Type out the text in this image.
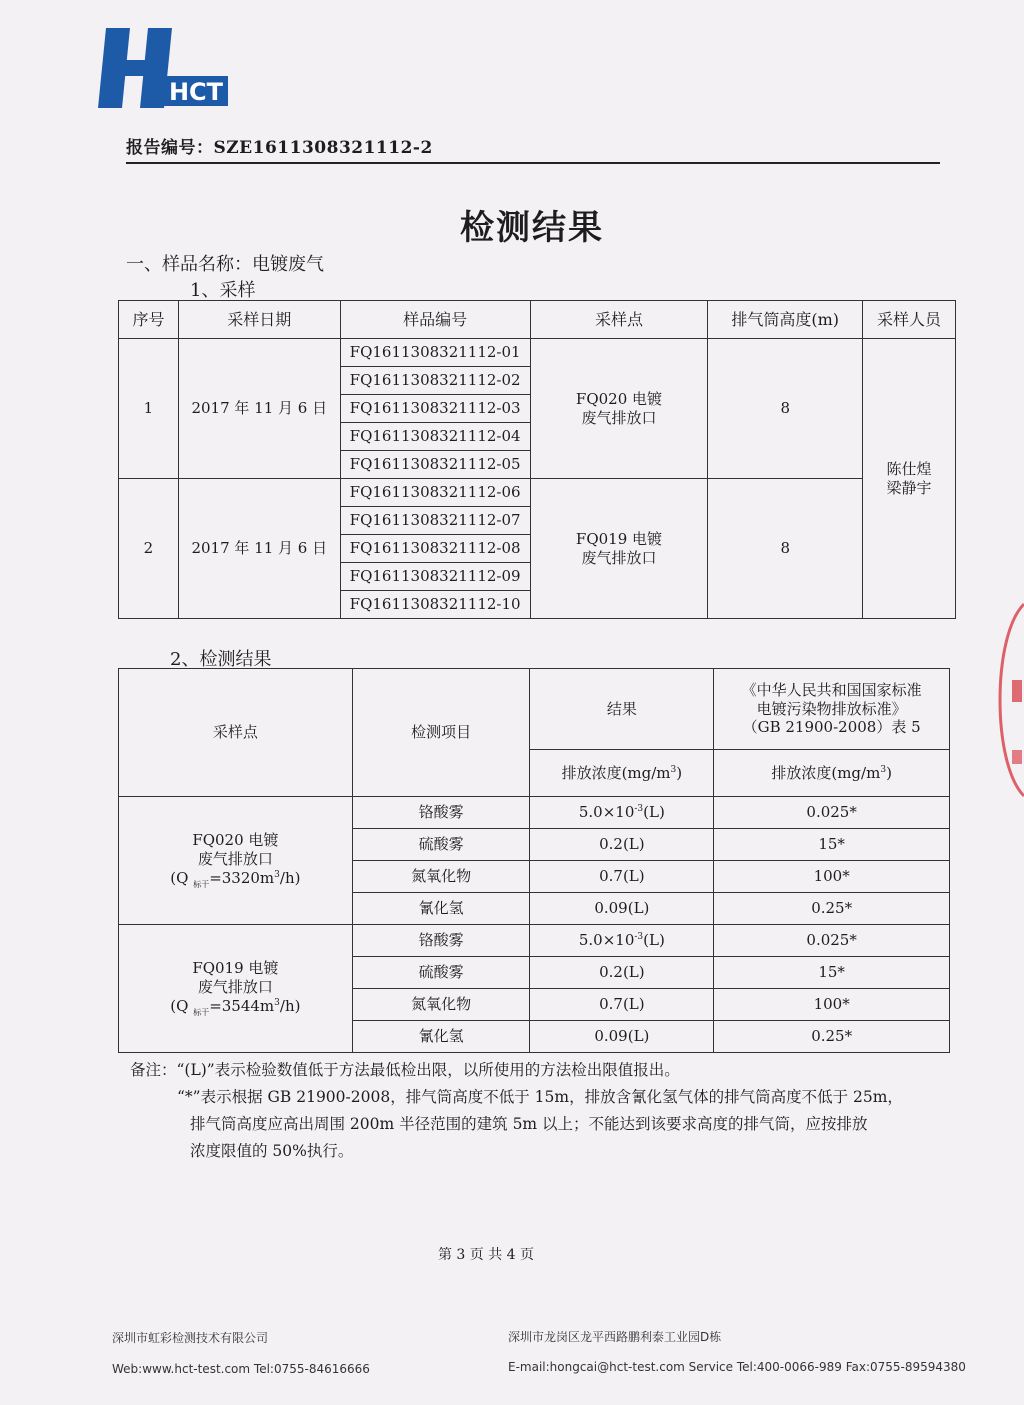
HCT
报告编号：SZE1611308321112-2
检测结果
一、样品名称：电镀废气
1、采样
序号	采样日期	样品编号	采样点	排气筒高度(m)	采样人员
1	2017 年 11 月 6 日	FQ1611308321112-01	FQ020 电镀
废气排放口	8	陈仕煌
梁静宇
		FQ1611308321112-02			
		FQ1611308321112-03			
		FQ1611308321112-04			
		FQ1611308321112-05			
2	2017 年 11 月 6 日	FQ1611308321112-06	FQ019 电镀
废气排放口	8	
		FQ1611308321112-07			
		FQ1611308321112-08			
		FQ1611308321112-09			
		FQ1611308321112-10			
2、检测结果
采样点	检测项目	结果	《中华人民共和国国家标准
电镀污染物排放标准》
（GB 21900-2008）表 5
		排放浓度$(mg/m^3)$	排放浓度$(mg/m^3)$
FQ020 电镀
废气排放口
(Q $_{标干}=3320m^3/h$)	铬酸雾	$5.0\times 10^{-3}(L)$	0.025*
	硫酸雾	0.2(L)	15*
	氮氧化物	0.7(L)	100*
	氰化氢	0.09(L)	0.25*
FQ019 电镀
废气排放口
(Q $_{标干}=3544m^3/h$)	铬酸雾	$5.0\times 10^{-3}(L)$	0.025*
	硫酸雾	0.2(L)	15*
	氮氧化物	0.7(L)	100*
	氰化氢	0.09(L)	0.25*
备注：“(L)”表示检验数值低于方法最低检出限，以所使用的方法检出限值报出。
“*”表示根据 GB 21900-2008，排气筒高度不低于 15m，排放含氰化氢气体的排气筒高度不低于 25m，
排气筒高度应高出周围 200m 半径范围的建筑 5m 以上；不能达到该要求高度的排气筒，应按排放
浓度限值的 50%执行。
第 3 页 共 4 页
深圳市虹彩检测技术有限公司	深圳市龙岗区龙平西路鹏利泰工业园D栋
Web:www.hct-test.com Tel:0755-84616666	E-mail:hongcai@hct-test.com Service Tel:400-0066-989 Fax:0755-89594380
